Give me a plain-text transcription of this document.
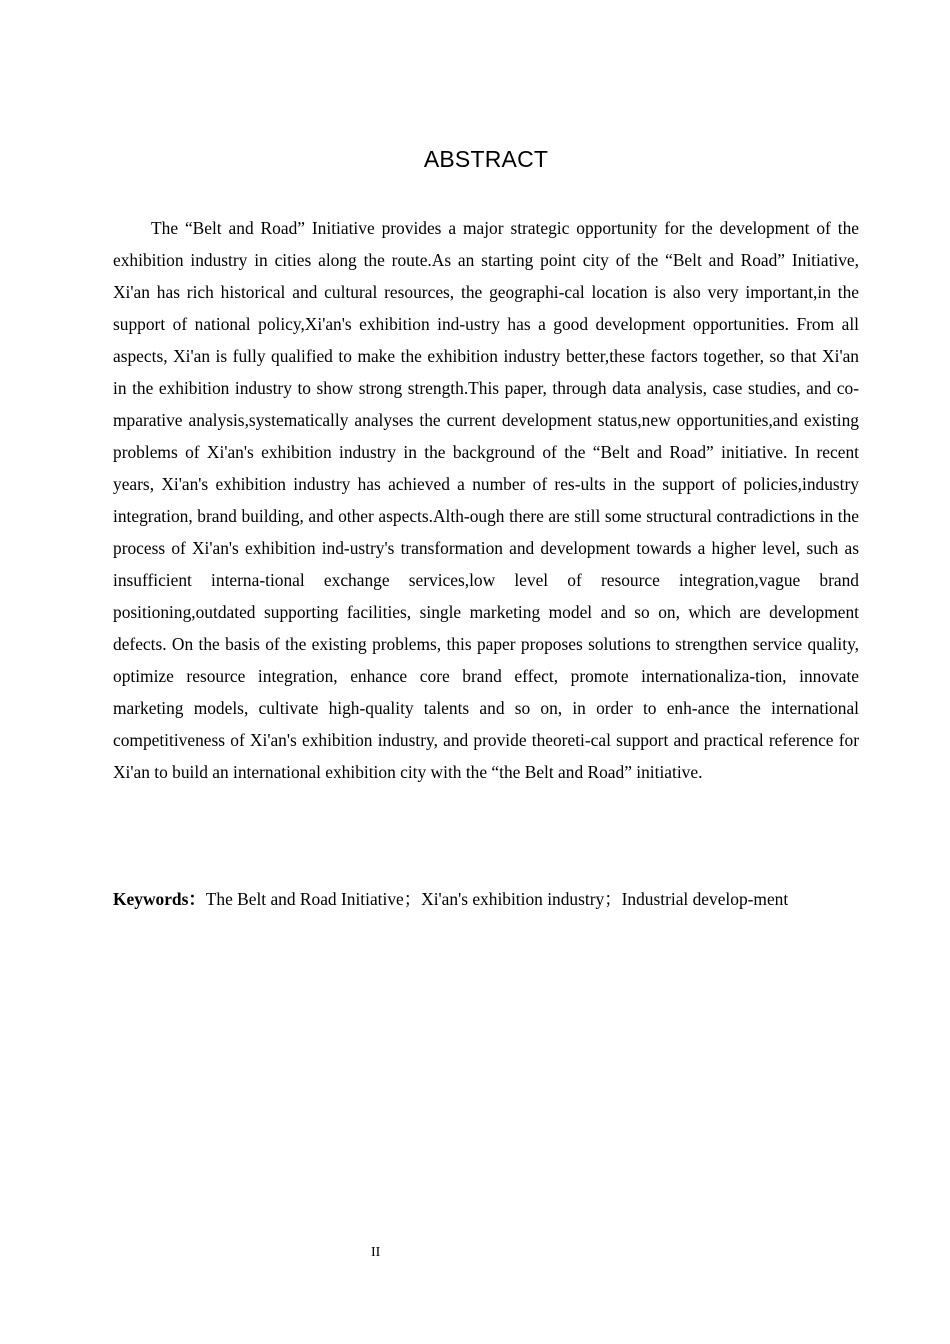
ABSTRACT

The “Belt and Road” Initiative provides a major strategic opportunity for the development of the exhibition industry in cities along the route.As an starting point city of the “Belt and Road” Initiative, Xi'an has rich historical and cultural resources, the geographi-cal location is also very important,in the support of national policy,Xi'an's exhibition ind-ustry has a good development opportunities. From all aspects, Xi'an is fully qualified to make the exhibition industry better,these factors together, so that Xi'an in the exhibition industry to show strong strength.This paper, through data analysis, case studies, and co-mparative analysis,systematically analyses the current development status,new opportunities,and existing problems of Xi'an's exhibition industry in the background of the “Belt and Road” initiative. In recent years, Xi'an's exhibition industry has achieved a number of res-ults in the support of policies,industry integration, brand building, and other aspects.Alth-ough there are still some structural contradictions in the process of Xi'an's exhibition ind-ustry's transformation and development towards a higher level, such as insufficient interna-tional exchange services,low level of resource integration,vague brand positioning,outdated supporting facilities, single marketing model and so on, which are development defects. On the basis of the existing problems, this paper proposes solutions to strengthen service quality, optimize resource integration, enhance core brand effect, promote internationaliza-tion, innovate marketing models, cultivate high-quality talents and so on, in order to enh-ance the international competitiveness of Xi'an's exhibition industry, and provide theoreti-cal support and practical reference for Xi'an to build an international exhibition city with the “the Belt and Road” initiative.

Keywords：The Belt and Road Initiative；Xi'an's exhibition industry；Industrial develop-ment

II
